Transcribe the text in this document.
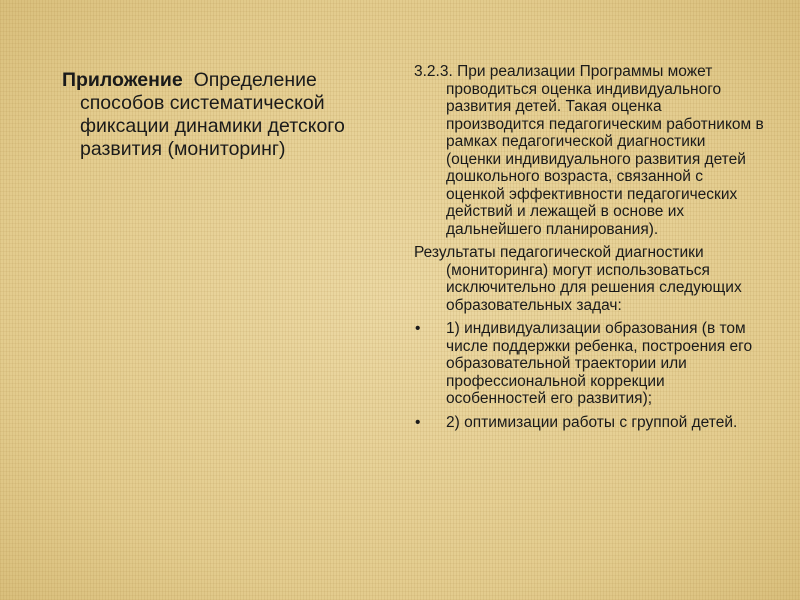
Приложение Определение способов систематической фиксации динамики детского развития (мониторинг)

3.2.3. При реализации Программы может проводиться оценка индивидуального развития детей. Такая оценка производится педагогическим работником в рамках педагогической диагностики (оценки индивидуального развития детей дошкольного возраста, связанной с оценкой эффективности педагогических действий и лежащей в основе их дальнейшего планирования).

Результаты педагогической диагностики (мониторинга) могут использоваться исключительно для решения следующих образовательных задач:

• 1) индивидуализации образования (в том числе поддержки ребенка, построения его образовательной траектории или профессиональной коррекции особенностей его развития);
• 2) оптимизации работы с группой детей.
